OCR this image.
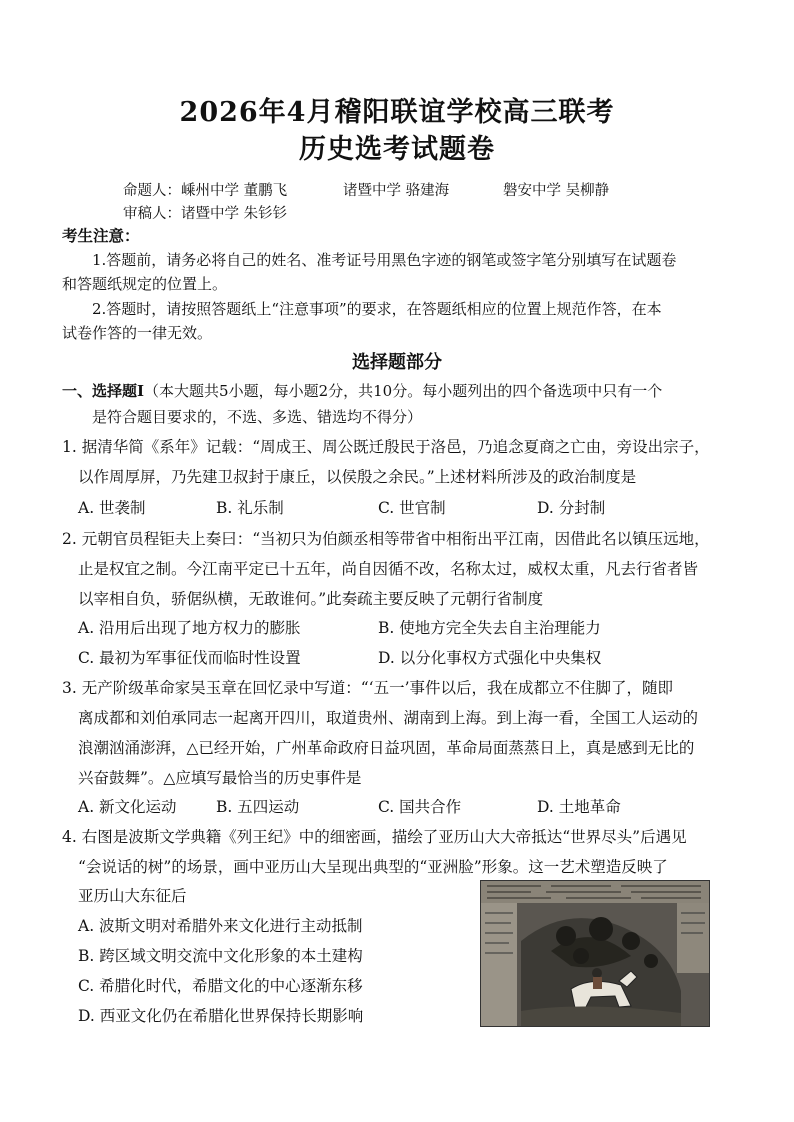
2026年4月稽阳联谊学校高三联考
历史选考试题卷
命题人：嵊州中学 董鹏飞	诸暨中学 骆建海	磐安中学 吴柳静
审稿人：诸暨中学 朱钐钐
考生注意：
1.答题前，请务必将自己的姓名、准考证号用黑色字迹的钢笔或签字笔分别填写在试题卷
和答题纸规定的位置上。
2.答题时，请按照答题纸上“注意事项”的要求，在答题纸相应的位置上规范作答，在本
试卷作答的一律无效。
选择题部分
一、选择题Ⅰ（本大题共5小题，每小题2分，共10分。每小题列出的四个备选项中只有一个
是符合题目要求的，不选、多选、错选均不得分）
1. 据清华简《系年》记载：“周成王、周公既迁殷民于洛邑，乃追念夏商之亡由，旁设出宗子，
以作周厚屏，乃先建卫叔封于康丘，以侯殷之余民。”上述材料所涉及的政治制度是
A. 世袭制	B. 礼乐制	C. 世官制	D. 分封制
2. 元朝官员程钜夫上奏曰：“当初只为伯颜丞相等带省中相衔出平江南，因借此名以镇压远地，
止是权宜之制。今江南平定已十五年，尚自因循不改，名称太过，威权太重，凡去行省者皆
以宰相自负，骄倨纵横，无敢谁何。”此奏疏主要反映了元朝行省制度
A. 沿用后出现了地方权力的膨胀	B. 使地方完全失去自主治理能力
C. 最初为军事征伐而临时性设置	D. 以分化事权方式强化中央集权
3. 无产阶级革命家吴玉章在回忆录中写道：“‘五一’事件以后，我在成都立不住脚了，随即
离成都和刘伯承同志一起离开四川，取道贵州、湖南到上海。到上海一看，全国工人运动的
浪潮汹涌澎湃，△已经开始，广州革命政府日益巩固，革命局面蒸蒸日上，真是感到无比的
兴奋鼓舞”。△应填写最恰当的历史事件是
A. 新文化运动	B. 五四运动	C. 国共合作	D. 土地革命
4. 右图是波斯文学典籍《列王纪》中的细密画，描绘了亚历山大大帝抵达“世界尽头”后遇见
“会说话的树”的场景，画中亚历山大呈现出典型的“亚洲脸”形象。这一艺术塑造反映了
亚历山大东征后
A. 波斯文明对希腊外来文化进行主动抵制
B. 跨区域文明交流中文化形象的本土建构
C. 希腊化时代，希腊文化的中心逐渐东移
D. 西亚文化仍在希腊化世界保持长期影响
